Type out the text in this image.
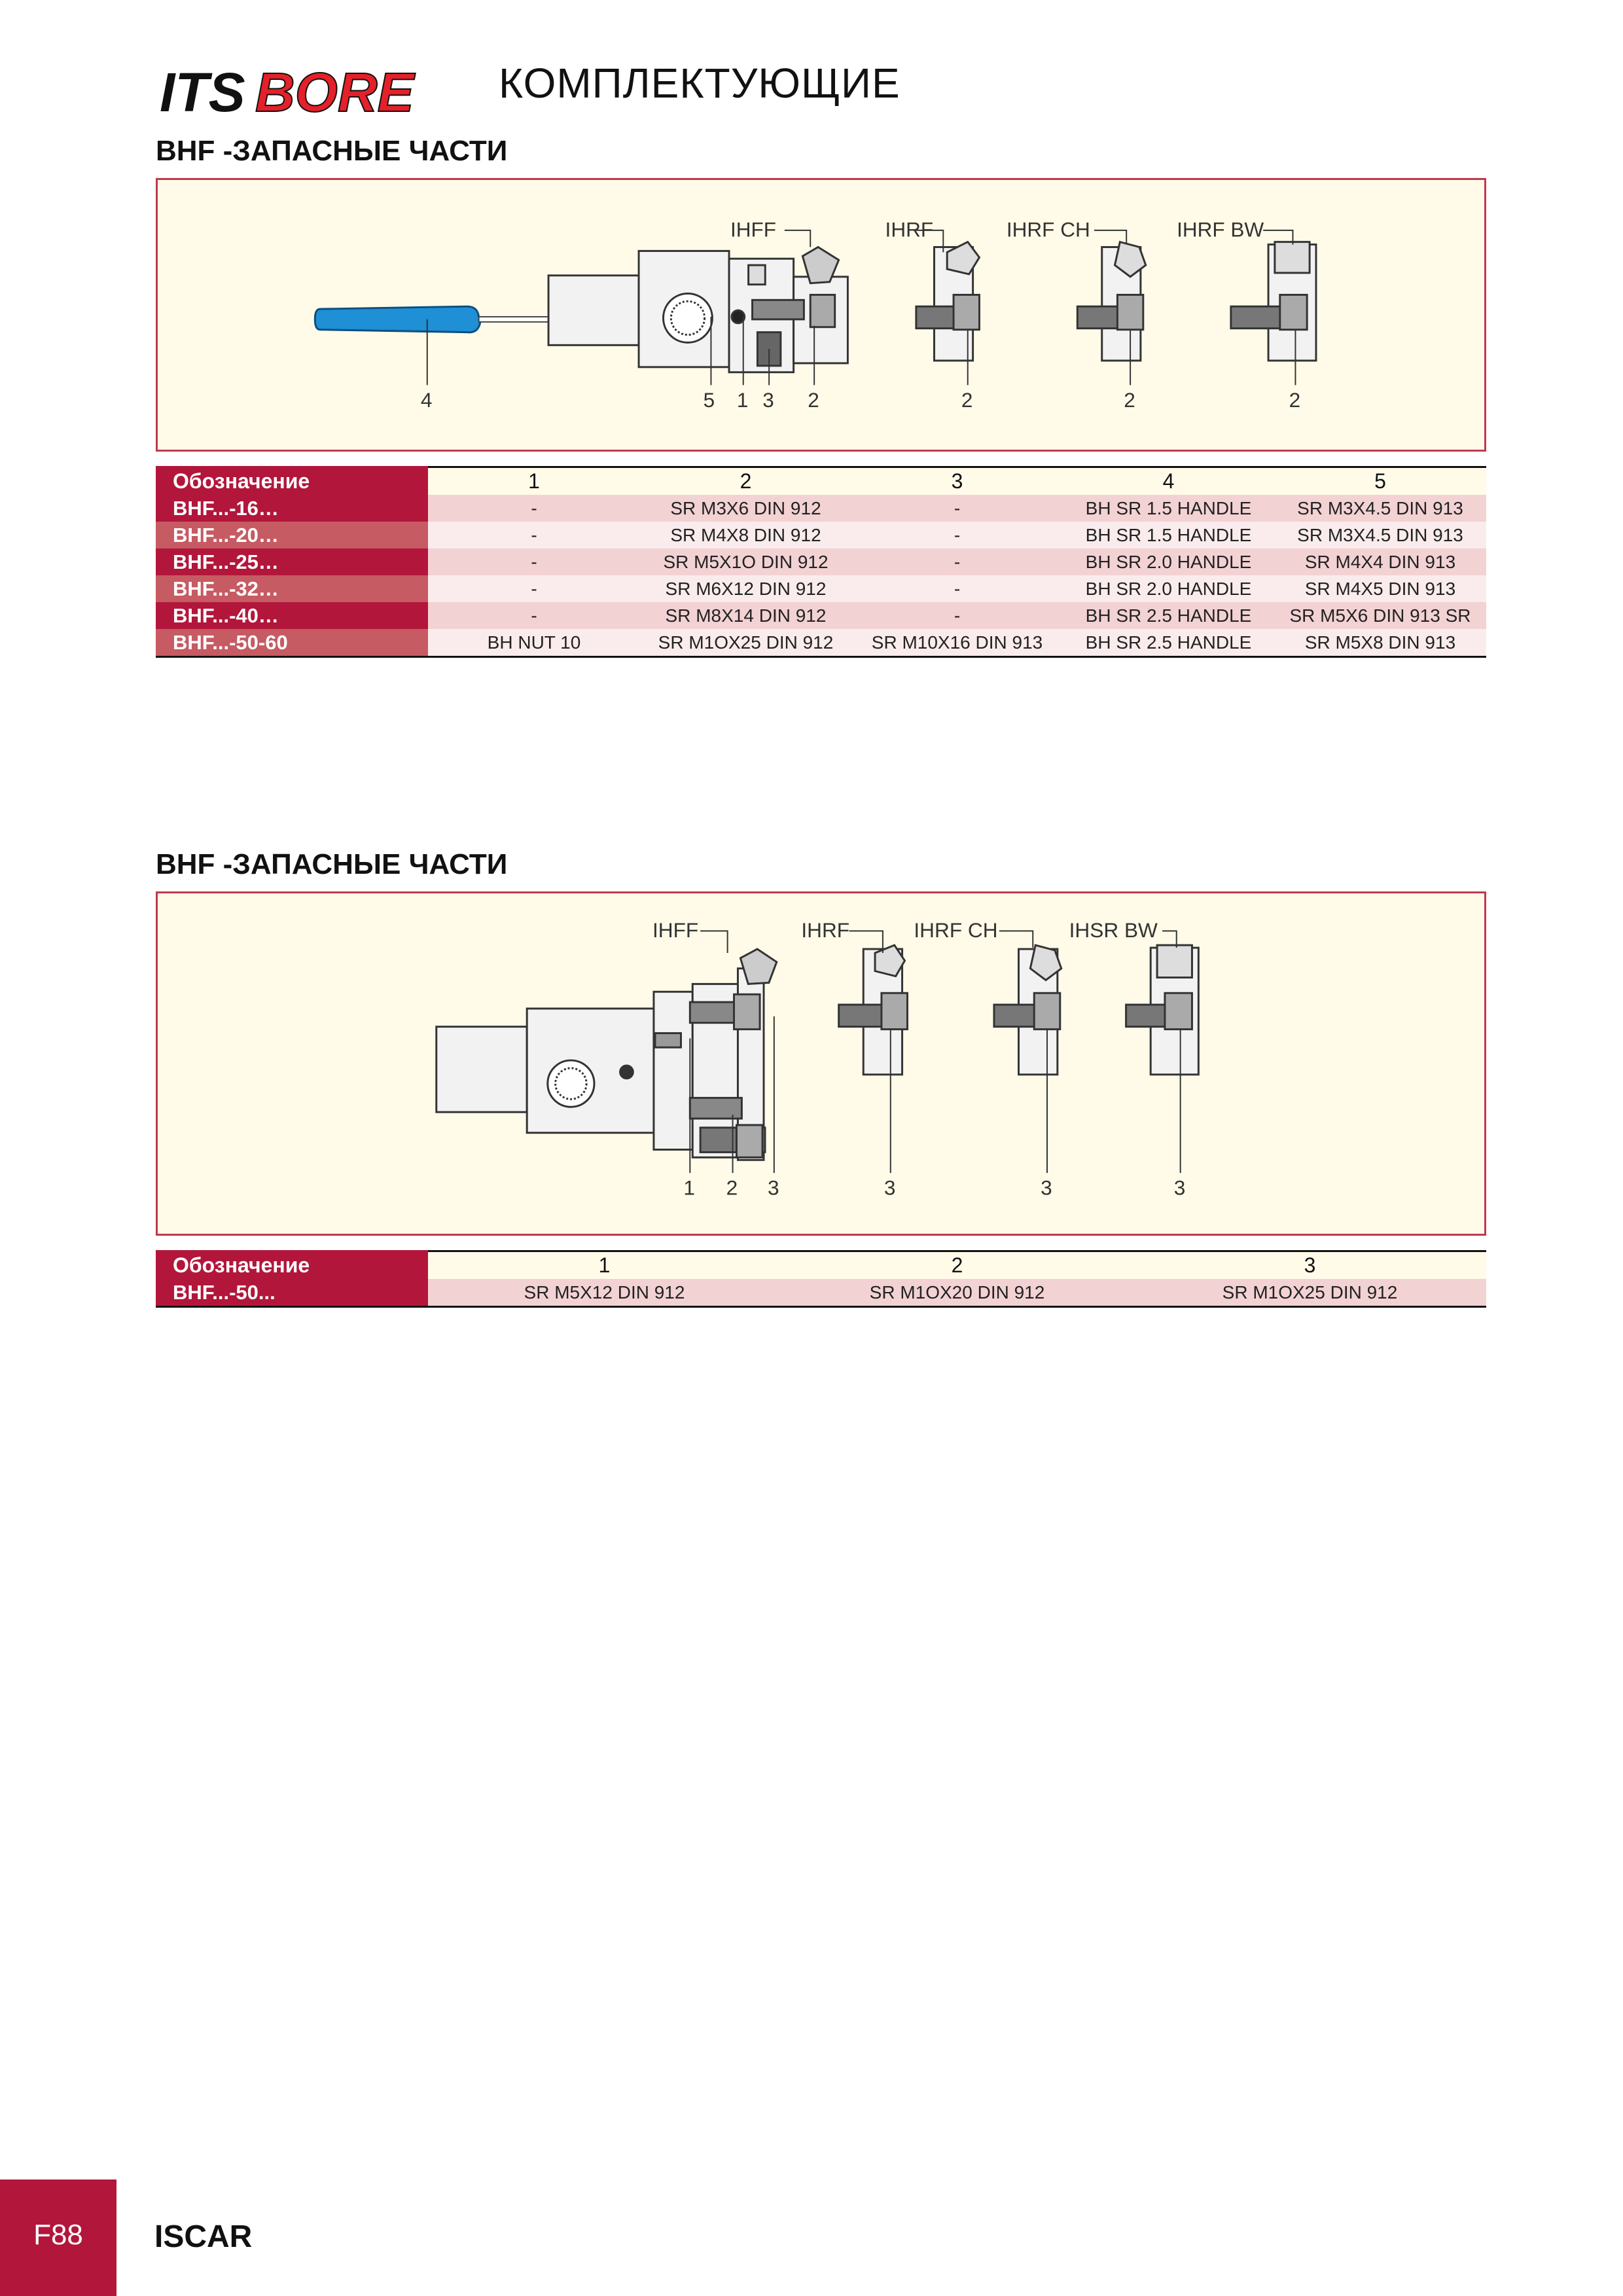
ITS BORE КОМПЛЕКТУЮЩИЕ
BHF -ЗАПАСНЫЕ ЧАСТИ
IHFF	IHRF	IHRF CH	IHRF BW
4	5 1 3 2	2	2	2
Обозначение	1	2	3	4	5
BHF...-16…	-	SR M3X6 DIN 912	-	BH SR 1.5 HANDLE	SR M3X4.5 DIN 913
BHF...-20…	-	SR M4X8 DIN 912	-	BH SR 1.5 HANDLE	SR M3X4.5 DIN 913
BHF...-25…	-	SR M5X1O DIN 912	-	BH SR 2.0 HANDLE	SR M4X4 DIN 913
BHF...-32…	-	SR M6X12 DIN 912	-	BH SR 2.0 HANDLE	SR M4X5 DIN 913
BHF...-40…	-	SR M8X14 DIN 912	-	BH SR 2.5 HANDLE	SR M5X6 DIN 913 SR
BHF...-50-60	BH NUT 10	SR M1OX25 DIN 912	SR M10X16 DIN 913	BH SR 2.5 HANDLE	SR M5X8 DIN 913
BHF -ЗАПАСНЫЕ ЧАСТИ
IHFF	IHRF	IHRF CH	IHSR BW
1 2 3	3	3	3
Обозначение	1	2	3
BHF...-50...	SR M5X12 DIN 912	SR M1OX20 DIN 912	SR M1OX25 DIN 912
F88	ISCAR
